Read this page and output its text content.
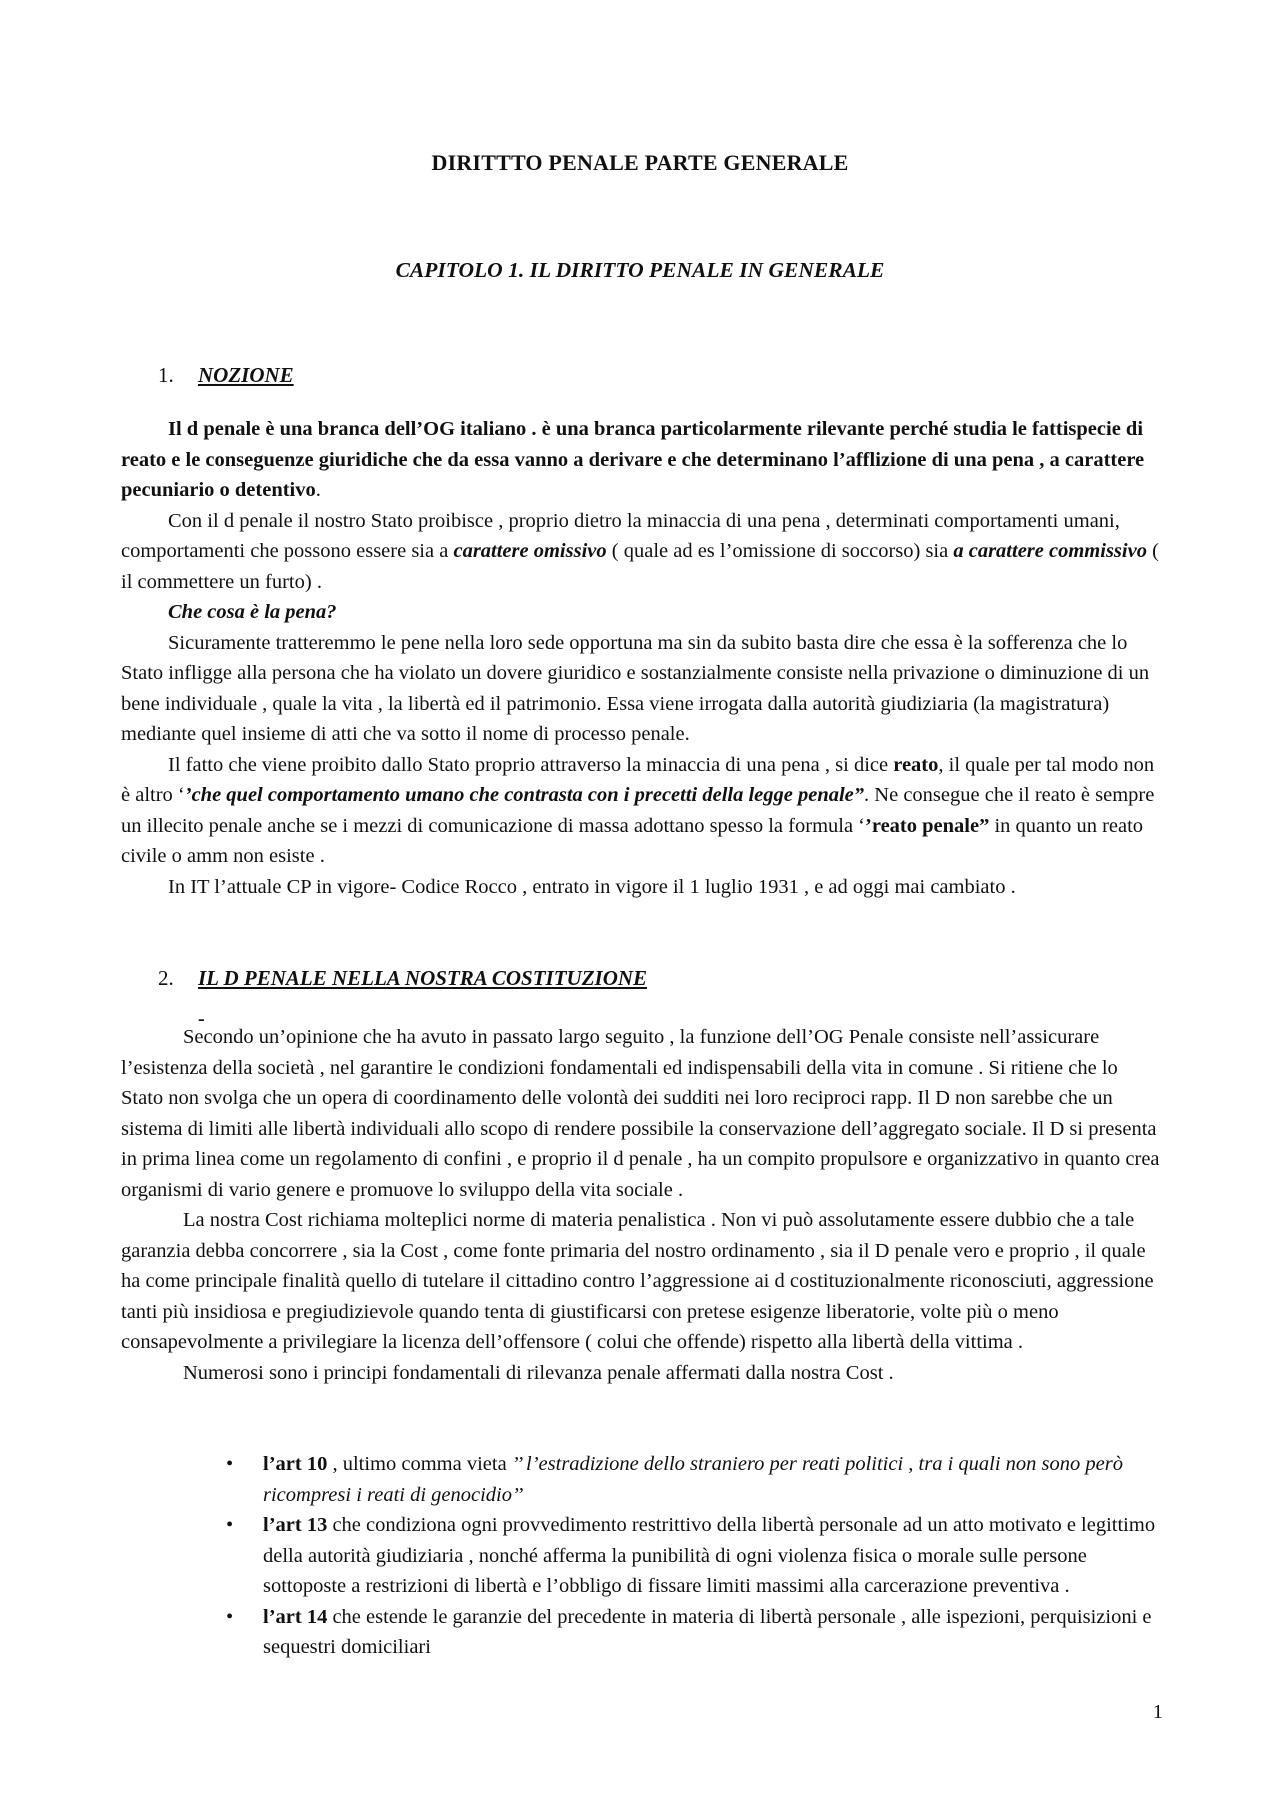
DIRITTTO PENALE PARTE GENERALE
CAPITOLO 1. IL DIRITTO PENALE IN GENERALE
1. NOZIONE

Il d penale è una branca dell’OG italiano . è una branca particolarmente rilevante perché studia le fattispecie di reato e le conseguenze giuridiche che da essa vanno a derivare e che determinano l’afflizione di una pena , a carattere pecuniario o detentivo.

Con il d penale il nostro Stato proibisce , proprio dietro la minaccia di una pena , determinati comportamenti umani, comportamenti che possono essere sia a carattere omissivo ( quale ad es l’omissione di soccorso) sia a carattere commissivo ( il commettere un furto) .

Che cosa è la pena?

Sicuramente tratteremmo le pene nella loro sede opportuna ma sin da subito basta dire che essa è la sofferenza che lo Stato infligge alla persona che ha violato un dovere giuridico e sostanzialmente consiste nella privazione o diminuzione di un bene individuale , quale la vita , la libertà ed il patrimonio. Essa viene irrogata dalla autorità giudiziaria (la magistratura) mediante quel insieme di atti che va sotto il nome di processo penale.

Il fatto che viene proibito dallo Stato proprio attraverso la minaccia di una pena , si dice reato, il quale per tal modo non è altro ‘’che quel comportamento umano che contrasta con i precetti della legge penale”. Ne consegue che il reato è sempre un illecito penale anche se i mezzi di comunicazione di massa adottano spesso la formula ‘’reato penale” in quanto un reato civile o amm non esiste .

In IT l’attuale CP in vigore- Codice Rocco , entrato in vigore il 1 luglio 1931 , e ad oggi mai cambiato .

2. IL D PENALE NELLA NOSTRA COSTITUZIONE
-

Secondo un’opinione che ha avuto in passato largo seguito , la funzione dell’OG Penale consiste nell’assicurare l’esistenza della società , nel garantire le condizioni fondamentali ed indispensabili della vita in comune . Si ritiene che lo Stato non svolga che un opera di coordinamento delle volontà dei sudditi nei loro reciproci rapp. Il D non sarebbe che un sistema di limiti alle libertà individuali allo scopo di rendere possibile la conservazione dell’aggregato sociale. Il D si presenta in prima linea come un regolamento di confini , e proprio il d penale , ha un compito propulsore e organizzativo in quanto crea organismi di vario genere e promuove lo sviluppo della vita sociale .

La nostra Cost richiama molteplici norme di materia penalistica . Non vi può assolutamente essere dubbio che a tale garanzia debba concorrere , sia la Cost , come fonte primaria del nostro ordinamento , sia il D penale vero e proprio , il quale ha come principale finalità quello di tutelare il cittadino contro l’aggressione ai d costituzionalmente riconosciuti, aggressione tanti più insidiosa e pregiudizievole quando tenta di giustificarsi con pretese esigenze liberatorie, volte più o meno consapevolmente a privilegiare la licenza dell’offensore ( colui che offende) rispetto alla libertà della vittima .

Numerosi sono i principi fondamentali di rilevanza penale affermati dalla nostra Cost .

• l’art 10 , ultimo comma vieta ’’ l’estradizione dello straniero per reati politici , tra i quali non sono però ricompresi i reati di genocidio’’
• l’art 13 che condiziona ogni provvedimento restrittivo della libertà personale ad un atto motivato e legittimo della autorità giudiziaria , nonché afferma la punibilità di ogni violenza fisica o morale sulle persone sottoposte a restrizioni di libertà e l’obbligo di fissare limiti massimi alla carcerazione preventiva .
• l’art 14 che estende le garanzie del precedente in materia di libertà personale , alle ispezioni, perquisizioni e sequestri domiciliari
1
